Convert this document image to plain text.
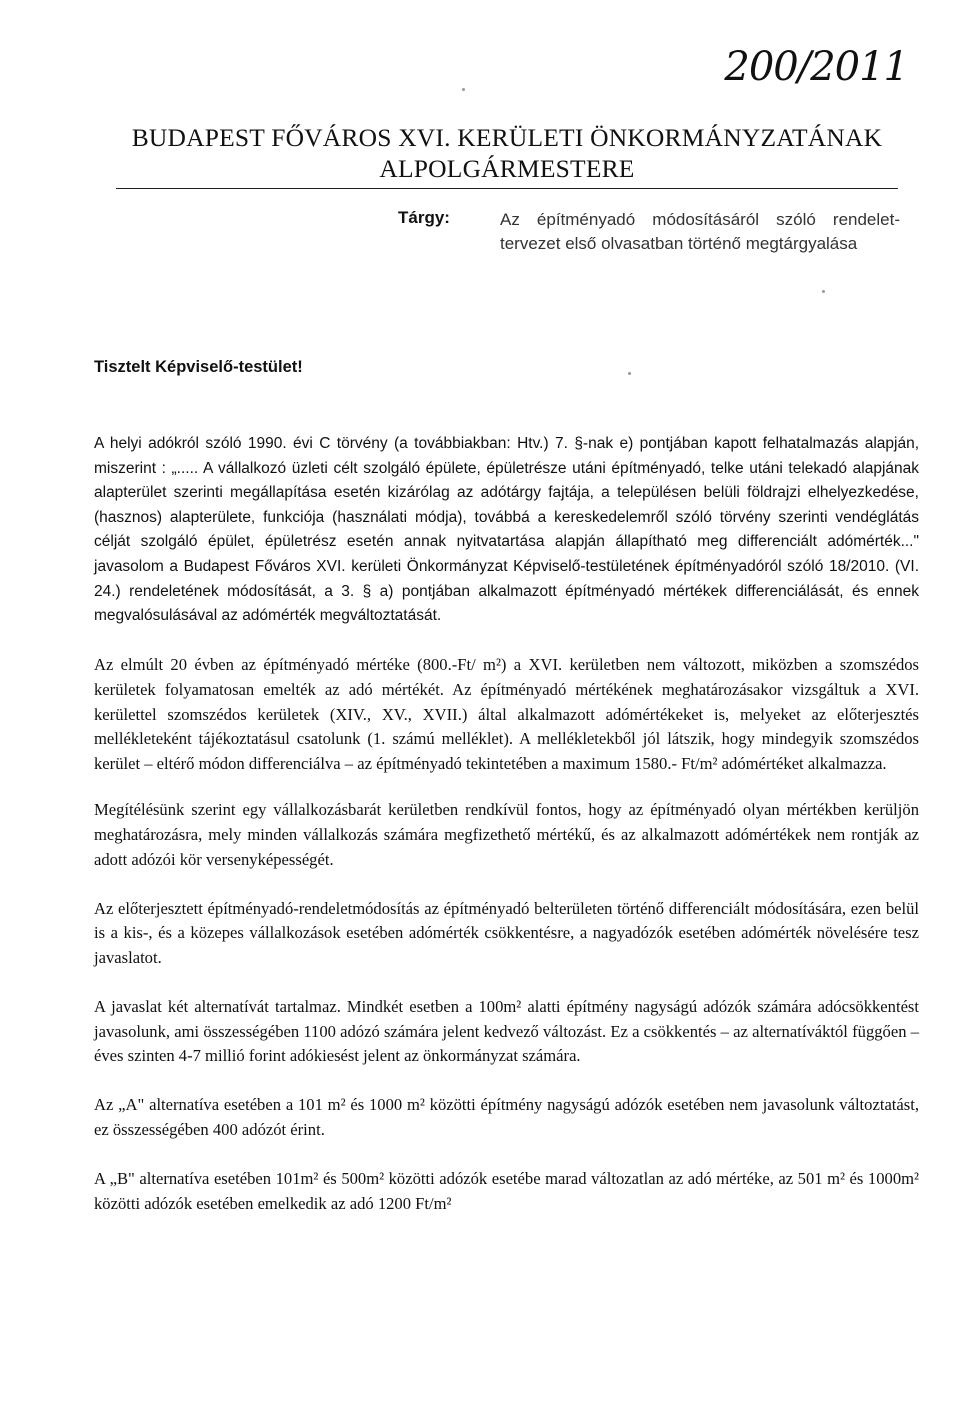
200/2011
BUDAPEST FŐVÁROS XVI. KERÜLETI ÖNKORMÁNYZATÁNAK
ALPOLGÁRMESTERE
Tárgy:	Az építményadó módosításáról szóló rendelet-tervezet első olvasatban történő megtárgyalása
Tisztelt Képviselő-testület!

A helyi adókról szóló 1990. évi C törvény (a továbbiakban: Htv.) 7. §-nak e) pontjában kapott felhatalmazás alapján, miszerint : „..... A vállalkozó üzleti célt szolgáló épülete, épületrésze utáni építményadó, telke utáni telekadó alapjának alapterület szerinti megállapítása esetén kizárólag az adótárgy fajtája, a településen belüli földrajzi elhelyezkedése, (hasznos) alapterülete, funkciója (használati módja), továbbá a kereskedelemről szóló törvény szerinti vendéglátás célját szolgáló épület, épületrész esetén annak nyitvatartása alapján állapítható meg differenciált adómérték..." javasolom a Budapest Főváros XVI. kerületi Önkormányzat Képviselő-testületének építményadóról szóló 18/2010. (VI. 24.) rendeletének módosítását, a 3. § a) pontjában alkalmazott építményadó mértékek differenciálását, és ennek megvalósulásával az adómérték megváltoztatását.

Az elmúlt 20 évben az építményadó mértéke (800.-Ft/ m²) a XVI. kerületben nem változott, miközben a szomszédos kerületek folyamatosan emelték az adó mértékét. Az építményadó mértékének meghatározásakor vizsgáltuk a XVI. kerülettel szomszédos kerületek (XIV., XV., XVII.) által alkalmazott adómértékeket is, melyeket az előterjesztés mellékleteként tájékoztatásul csatolunk (1. számú melléklet). A mellékletekből jól látszik, hogy mindegyik szomszédos kerület – eltérő módon differenciálva – az építményadó tekintetében a maximum 1580.- Ft/m² adómértéket alkalmazza.

Megítélésünk szerint egy vállalkozásbarát kerületben rendkívül fontos, hogy az építményadó olyan mértékben kerüljön meghatározásra, mely minden vállalkozás számára megfizethető mértékű, és az alkalmazott adómértékek nem rontják az adott adózói kör versenyképességét.

Az előterjesztett építményadó-rendeletmódosítás az építményadó belterületen történő differenciált módosítására, ezen belül is a kis-, és a közepes vállalkozások esetében adómérték csökkentésre, a nagyadózók esetében adómérték növelésére tesz javaslatot.

A javaslat két alternatívát tartalmaz. Mindkét esetben a 100m² alatti építmény nagyságú adózók számára adócsökkentést javasolunk, ami összességében 1100 adózó számára jelent kedvező változást. Ez a csökkentés – az alternatíváktól függően – éves szinten 4-7 millió forint adókiesést jelent az önkormányzat számára.

Az „A" alternatíva esetében a 101 m² és 1000 m² közötti építmény nagyságú adózók esetében nem javasolunk változtatást, ez összességében 400 adózót érint.

A „B" alternatíva esetében 101m² és 500m² közötti adózók esetébe marad változatlan az adó mértéke, az 501 m² és 1000m² közötti adózók esetében emelkedik az adó 1200 Ft/m²
